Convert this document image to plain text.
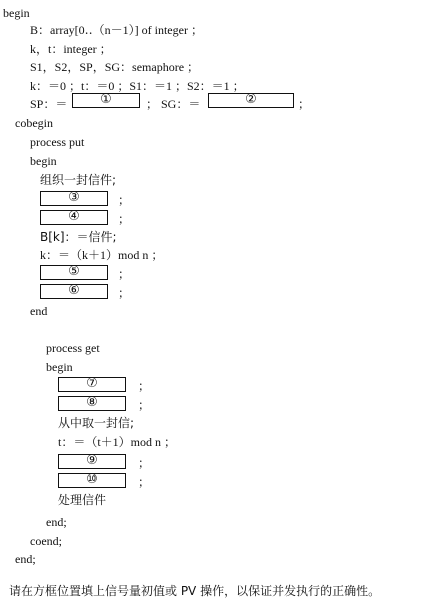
begin
B：array[0‥（n－1）] of integer ；
k，t：integer ；
S1，S2，SP，SG：semaphore ；
k：＝0 ；t：＝0 ；S1：＝1 ；S2：＝1 ；
SP：＝	①	； SG：＝	②	；
cobegin
process put
begin
组织一封信件;
③	；
④	；
B[k]：＝信件;
k：＝（k＋1）mod n ；
⑤	；
⑥	；
end
process get
begin
⑦	；
⑧	；
从中取一封信;
t：＝（t＋1）mod n ；
⑨	；
⑩	；
处理信件
end;
coend;
end;
请在方框位置填上信号量初值或 PV 操作，以保证并发执行的正确性。
